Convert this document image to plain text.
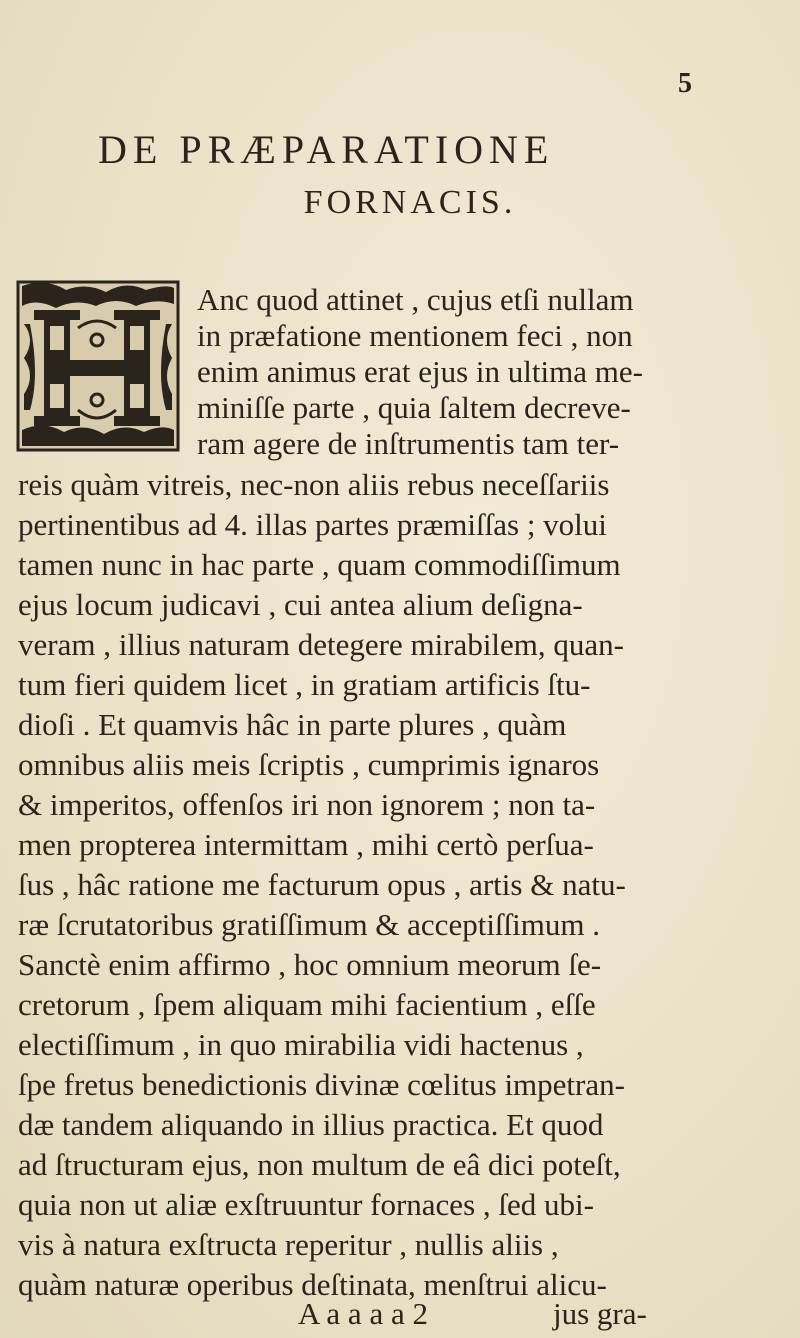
5
DE PRÆPARATIONE
FORNACIS.
Anc quod attinet , cujus etſi nullam
in præfatione mentionem feci , non
enim animus erat ejus in ultima me-
miniſſe parte , quia ſaltem decreve-
ram agere de inſtrumentis tam ter-
reis quàm vitreis, nec-non aliis rebus neceſſariis
pertinentibus ad 4. illas partes præmiſſas ; volui
tamen nunc in hac parte , quam commodiſſimum
ejus locum judicavi , cui antea alium deſigna-
veram , illius naturam detegere mirabilem, quan-
tum fieri quidem licet , in gratiam artificis ſtu-
dioſi . Et quamvis hâc in parte plures , quàm
omnibus aliis meis ſcriptis , cumprimis ignaros
& imperitos, offenſos iri non ignorem ; non ta-
men propterea intermittam , mihi certò perſua-
ſus , hâc ratione me facturum opus , artis & natu-
ræ ſcrutatoribus gratiſſimum & acceptiſſimum .
Sanctè enim affirmo , hoc omnium meorum ſe-
cretorum , ſpem aliquam mihi facientium , eſſe
electiſſimum , in quo mirabilia vidi hactenus ,
ſpe fretus benedictionis divinæ cœlitus impetran-
dæ tandem aliquando in illius practica. Et quod
ad ſtructuram ejus, non multum de eâ dici poteſt,
quia non ut aliæ exſtruuntur fornaces , ſed ubi-
vis à natura exſtructa reperitur , nullis aliis ,
quàm naturæ operibus deſtinata, menſtrui alicu-
A a a a a 2	jus gra-
